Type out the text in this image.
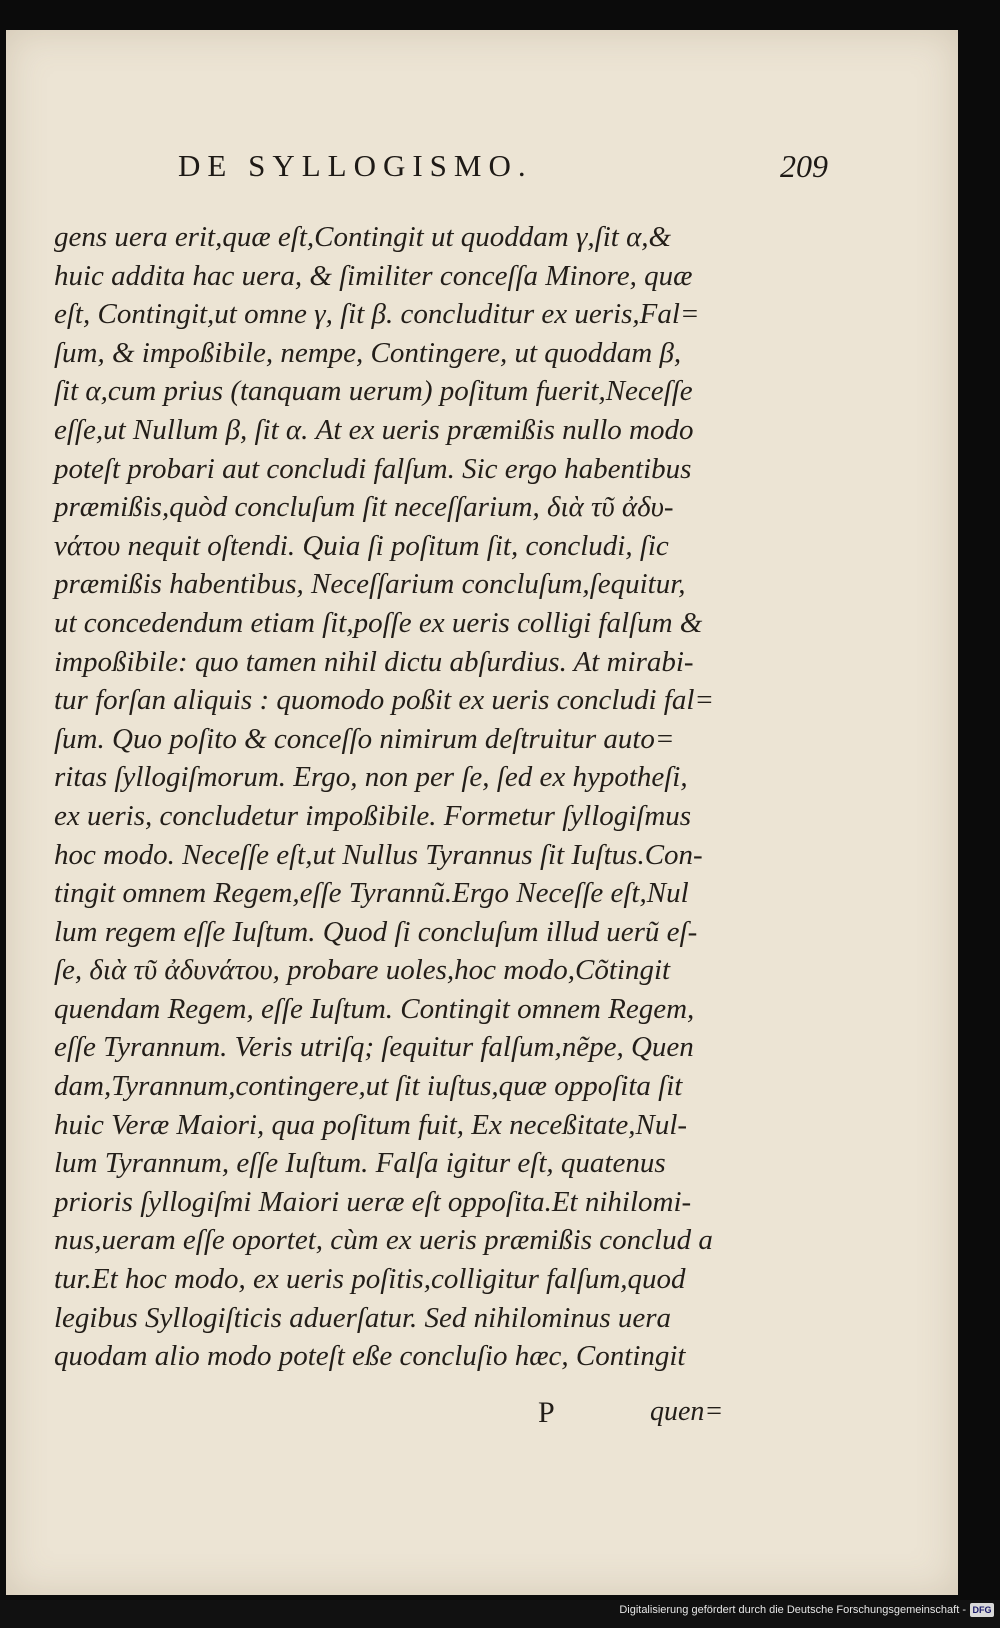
DE SYLLOGISMO.	209
gens uera erit,quæ eſt,Contingit ut quoddam γ,ſit α,&
huic addita hac uera, & ſimiliter conceſſa Minore, quæ
eſt, Contingit,ut omne γ, ſit β. concluditur ex ueris,Fal=
ſum, & impoßibile, nempe, Contingere, ut quoddam β,
ſit α,cum prius (tanquam uerum) poſitum fuerit,Neceſſe
eſſe,ut Nullum β, ſit α. At ex ueris præmißis nullo modo
poteſt probari aut concludi falſum. Sic ergo habentibus
præmißis,quòd concluſum ſit neceſſarium, διὰ τῦ ἀδυ-
νάτου nequit oſtendi. Quia ſi poſitum ſit, concludi, ſic
præmißis habentibus, Neceſſarium concluſum,ſequitur,
ut concedendum etiam ſit,poſſe ex ueris colligi falſum &
impoßibile: quo tamen nihil dictu abſurdius. At mirabi-
tur forſan aliquis : quomodo poßit ex ueris concludi fal=
ſum. Quo poſito & conceſſo nimirum deſtruitur auto=
ritas ſyllogiſmorum. Ergo, non per ſe, ſed ex hypotheſi,
ex ueris, concludetur impoßibile. Formetur ſyllogiſmus
hoc modo. Neceſſe eſt,ut Nullus Tyrannus ſit Iuſtus.Con-
tingit omnem Regem,eſſe Tyrannũ.Ergo Neceſſe eſt,Nul
lum regem eſſe Iuſtum. Quod ſi concluſum illud uerũ eſ-
ſe, διὰ τῦ ἀδυνάτου, probare uoles,hoc modo,Cõtingit
quendam Regem, eſſe Iuſtum. Contingit omnem Regem,
eſſe Tyrannum. Veris utriſq; ſequitur falſum,nẽpe, Quen
dam,Tyrannum,contingere,ut ſit iuſtus,quæ oppoſita ſit
huic Veræ Maiori, qua poſitum fuit, Ex neceßitate,Nul-
lum Tyrannum, eſſe Iuſtum. Falſa igitur eſt, quatenus
prioris ſyllogiſmi Maiori ueræ eſt oppoſita.Et nihilomi-
nus,ueram eſſe oportet, cùm ex ueris præmißis conclud a
tur.Et hoc modo, ex ueris poſitis,colligitur falſum,quod
legibus Syllogiſticis aduerſatur. Sed nihilominus uera
quodam alio modo poteſt eße concluſio hæc, Contingit
P	quen=
Digitalisierung gefördert durch die Deutsche Forschungsgemeinschaft - DFG
